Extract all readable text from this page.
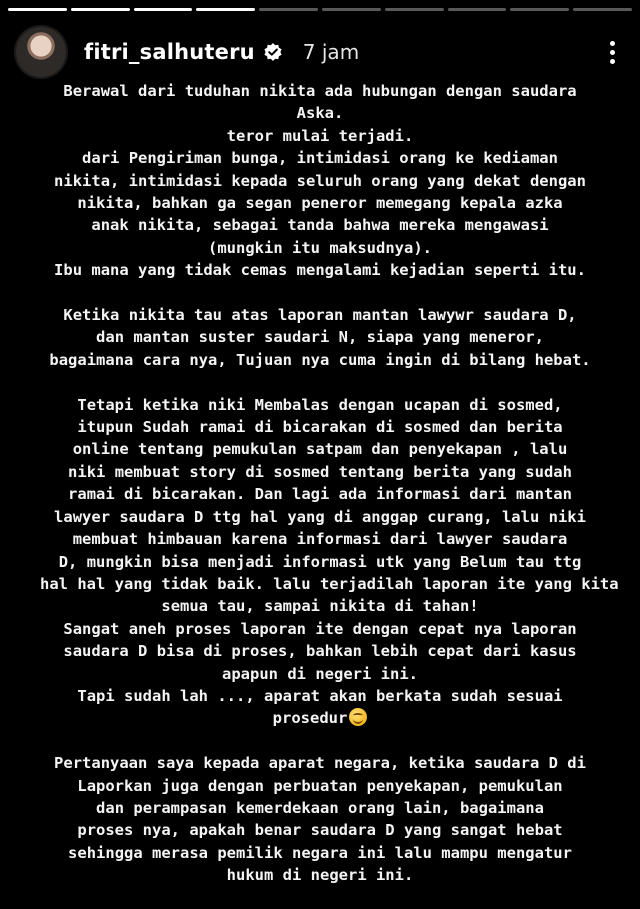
fitri_salhuteru 7 jam
Berawal dari tuduhan nikita ada hubungan dengan saudara
Aska.
teror mulai terjadi.
dari Pengiriman bunga, intimidasi orang ke kediaman
nikita, intimidasi kepada seluruh orang yang dekat dengan
nikita, bahkan ga segan peneror memegang kepala azka
anak nikita, sebagai tanda bahwa mereka mengawasi
(mungkin itu maksudnya).
Ibu mana yang tidak cemas mengalami kejadian seperti itu.
Ketika nikita tau atas laporan mantan lawywr saudara D,
dan mantan suster saudari N, siapa yang meneror,
bagaimana cara nya, Tujuan nya cuma ingin di bilang hebat.
Tetapi ketika niki Membalas dengan ucapan di sosmed,
itupun Sudah ramai di bicarakan di sosmed dan berita
online tentang pemukulan satpam dan penyekapan , lalu
niki membuat story di sosmed tentang berita yang sudah
ramai di bicarakan. Dan lagi ada informasi dari mantan
lawyer saudara D ttg hal yang di anggap curang, lalu niki
membuat himbauan karena informasi dari lawyer saudara
D, mungkin bisa menjadi informasi utk yang Belum tau ttg
hal hal yang tidak baik. lalu terjadilah laporan ite yang kita
semua tau, sampai nikita di tahan!
Sangat aneh proses laporan ite dengan cepat nya laporan
saudara D bisa di proses, bahkan lebih cepat dari kasus
apapun di negeri ini.
Tapi sudah lah ..., aparat akan berkata sudah sesuai
prosedur
Pertanyaan saya kepada aparat negara, ketika saudara D di
Laporkan juga dengan perbuatan penyekapan, pemukulan
dan perampasan kemerdekaan orang lain, bagaimana
proses nya, apakah benar saudara D yang sangat hebat
sehingga merasa pemilik negara ini lalu mampu mengatur
hukum di negeri ini.
